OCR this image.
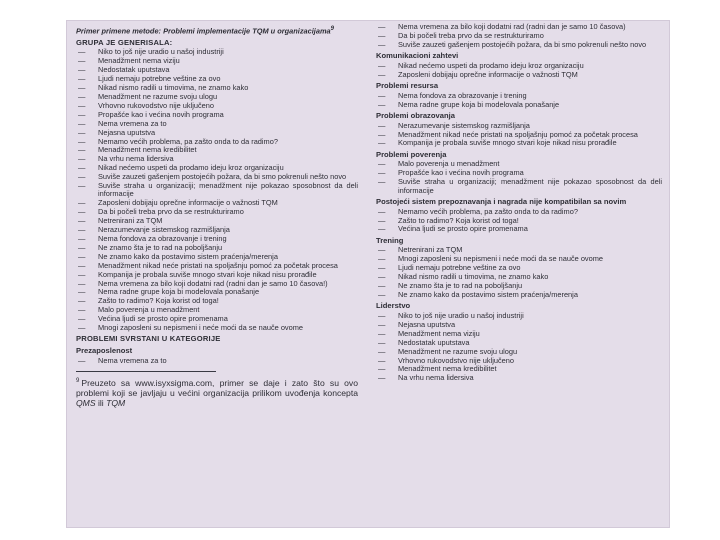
Primer primene metode: Problemi implementacije TQM u organizacijama$^9$
GRUPA JE GENERISALA:
— Niko to još nije uradio u našoj industriji
— Menadžment nema viziju
— Nedostatak uputstava
— Ljudi nemaju potrebne veštine za ovo
— Nikad nismo radili u timovima, ne znamo kako
— Menadžment ne razume svoju ulogu
— Vrhovno rukovodstvo nije uključeno
— Propašće kao i većina novih programa
— Nema vremena za to
— Nejasna uputstva
— Nemamo većih problema, pa zašto onda to da radimo?
— Menadžment nema kredibilitet
— Na vrhu nema lidersiva
— Nikad nećemo uspeti da prodamo ideju kroz organizaciju
— Suviše zauzeti gašenjem postojećih požara, da bi smo pokrenuli nešto novo
— Suviše straha u organizaciji; menadžment nije pokazao sposobnost da deli informacije
— Zaposleni dobijaju oprečne informacije o važnosti TQM
— Da bi počeli treba prvo da se restrukturiramo
— Netrenirani za TQM
— Nerazumevanje sistemskog razmišljanja
— Nema fondova za obrazovanje i trening
— Ne znamo šta je to rad na poboljšanju
— Ne znamo kako da postavimo sistem praćenja/merenja
— Menadžment nikad neće pristati na spoljašnju pomoć za početak procesa
— Kompanija je probala suviše mnogo stvari koje nikad nisu prorađile
— Nema vremena za bilo koji dodatni rad (radni dan je samo 10 časova!)
— Nema radne grupe koja bi modelovala ponašanje
— Zašto to radimo? Koja korist od toga!
— Malo poverenja u menadžment
— Većina ljudi se prosto opire promenama
— Mnogi zaposleni su nepismeni i neće moći da se nauče ovome
PROBLEMI SVRSTANI U KATEGORIJE
Prezaposlenost
— Nema vremena za to
$^9$ Preuzeto sa www.isyxsigma.com, primer se daje i zato što su ovo problemi koji se javljaju u većini organizacija prilikom uvođenja koncepta QMS ili TQM
— Nema vremena za bilo koji dodatni rad (radni dan je samo 10 časova)
— Da bi počeli treba prvo da se restrukturiramo
— Suviše zauzeti gašenjem postojećih požara, da bi smo pokrenuli nešto novo
Komunikacioni zahtevi
— Nikad nećemo uspeti da prodamo ideju kroz organizaciju
— Zaposleni dobijaju oprečne informacije o važnosti TQM
Problemi resursa
— Nema fondova za obrazovanje i trening
— Nema radne grupe koja bi modelovala ponašanje
Problemi obrazovanja
— Nerazumevanje sistemskog razmišljanja
— Menadžment nikad neće pristati na spoljašnju pomoć za početak procesa
— Kompanija je probala suviše mnogo stvari koje nikad nisu prorađile
Problemi poverenja
— Malo poverenja u menadžment
— Propašće kao i većina novih programa
— Suviše straha u organizaciji; menadžment nije pokazao sposobnost da deli informacije
Postojeći sistem prepoznavanja i nagrada nije kompatibilan sa novim
— Nemamo većih problema, pa zašto onda to da radimo?
— Zašto to radimo? Koja korist od toga!
— Većina ljudi se prosto opire promenama
Trening
— Netrenirani za TQM
— Mnogi zaposleni su nepismeni i neće moći da se nauče ovome
— Ljudi nemaju potrebne veštine za ovo
— Nikad nismo radili u timovima, ne znamo kako
— Ne znamo šta je to rad na poboljšanju
— Ne znamo kako da postavimo sistem praćenja/merenja
Liderstvo
— Niko to još nije uradio u našoj industriji
— Nejasna uputstva
— Menadžment nema viziju
— Nedostatak uputstava
— Menadžment ne razume svoju ulogu
— Vrhovno rukovodstvo nije uključeno
— Menadžment nema kredibilitet
— Na vrhu nema lidersiva
